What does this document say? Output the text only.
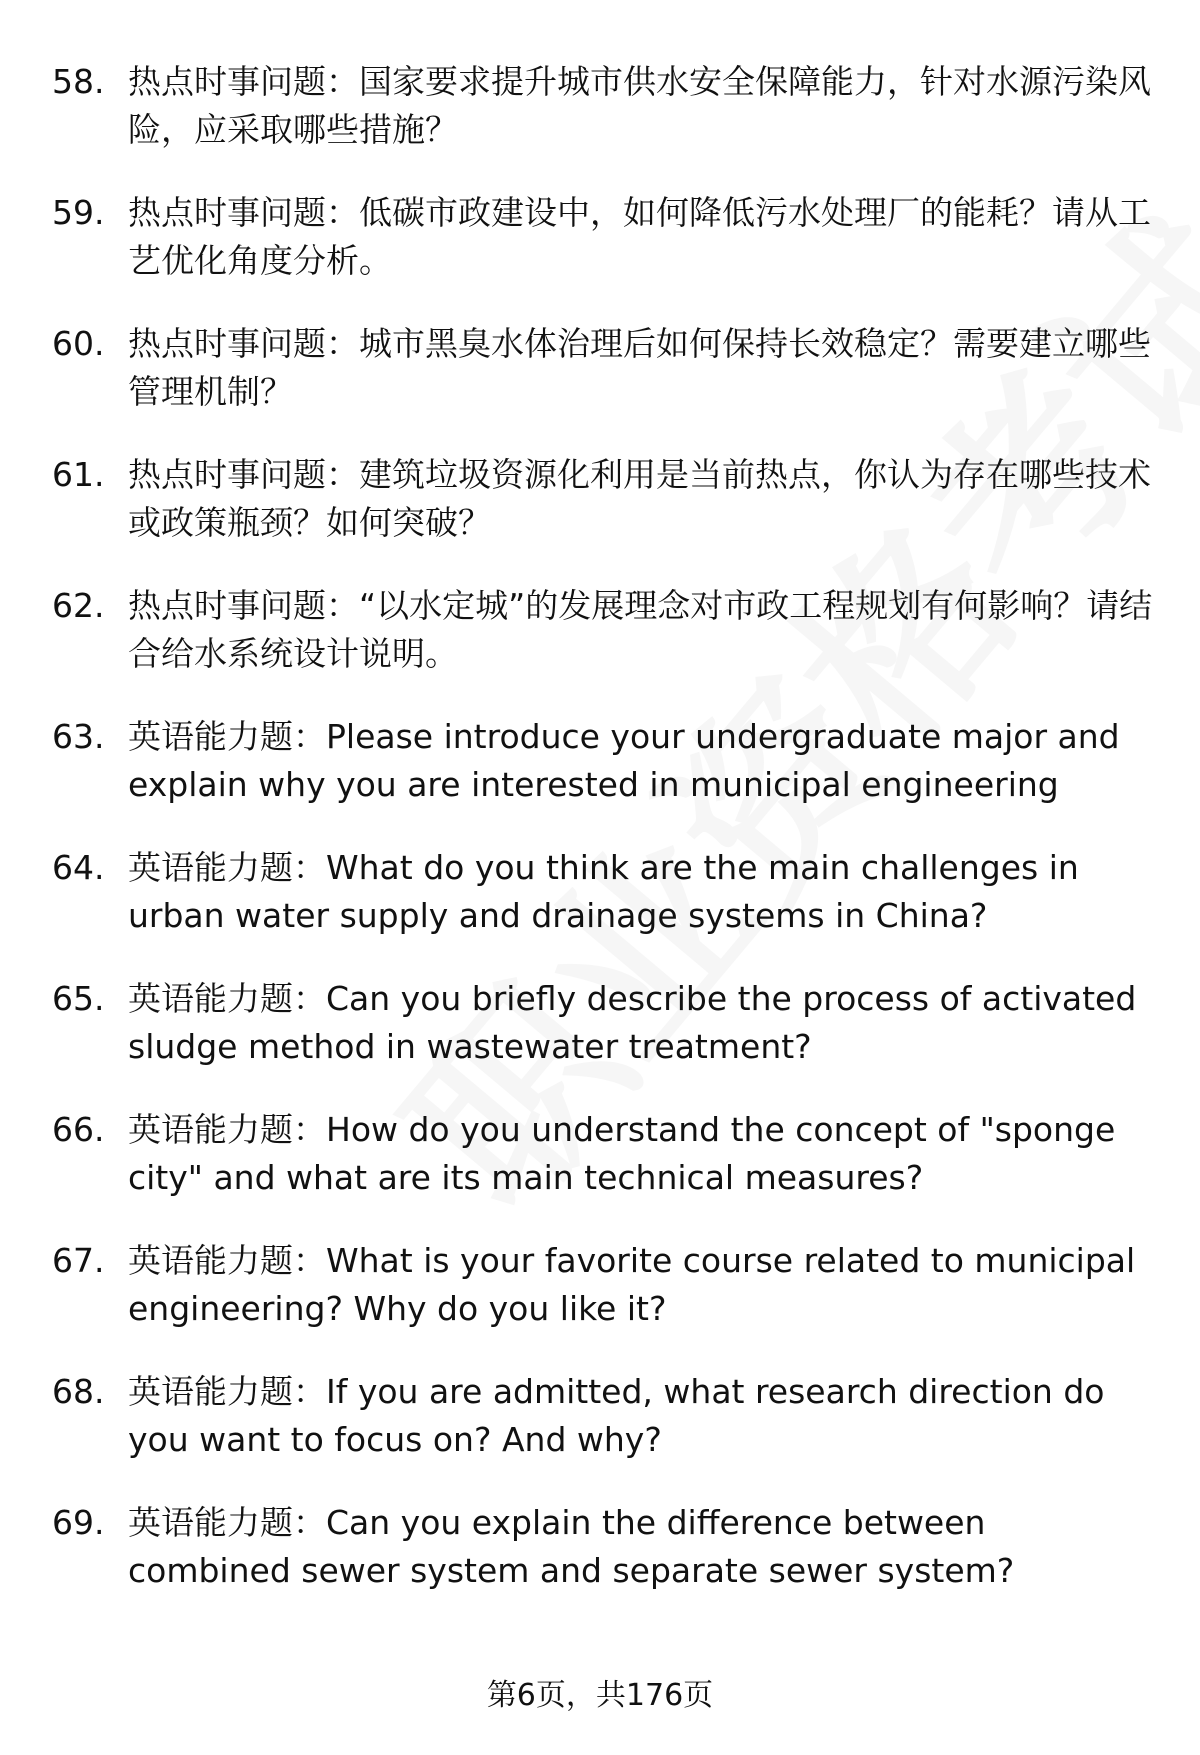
58. 热点时事问题：国家要求提升城市供水安全保障能力，针对水源污染风险，应采取哪些措施？
59. 热点时事问题：低碳市政建设中，如何降低污水处理厂的能耗？请从工艺优化角度分析。
60. 热点时事问题：城市黑臭水体治理后如何保持长效稳定？需要建立哪些管理机制？
61. 热点时事问题：建筑垃圾资源化利用是当前热点，你认为存在哪些技术或政策瓶颈？如何突破？
62. 热点时事问题：“以水定城”的发展理念对市政工程规划有何影响？请结合给水系统设计说明。
63. 英语能力题：Please introduce your undergraduate major and explain why you are interested in municipal engineering
64. 英语能力题：What do you think are the main challenges in urban water supply and drainage systems in China?
65. 英语能力题：Can you briefly describe the process of activated sludge method in wastewater treatment?
66. 英语能力题：How do you understand the concept of "sponge city" and what are its main technical measures?
67. 英语能力题：What is your favorite course related to municipal engineering? Why do you like it?
68. 英语能力题：If you are admitted, what research direction do you want to focus on? And why?
69. 英语能力题：Can you explain the difference between combined sewer system and separate sewer system?
第6页，共176页
